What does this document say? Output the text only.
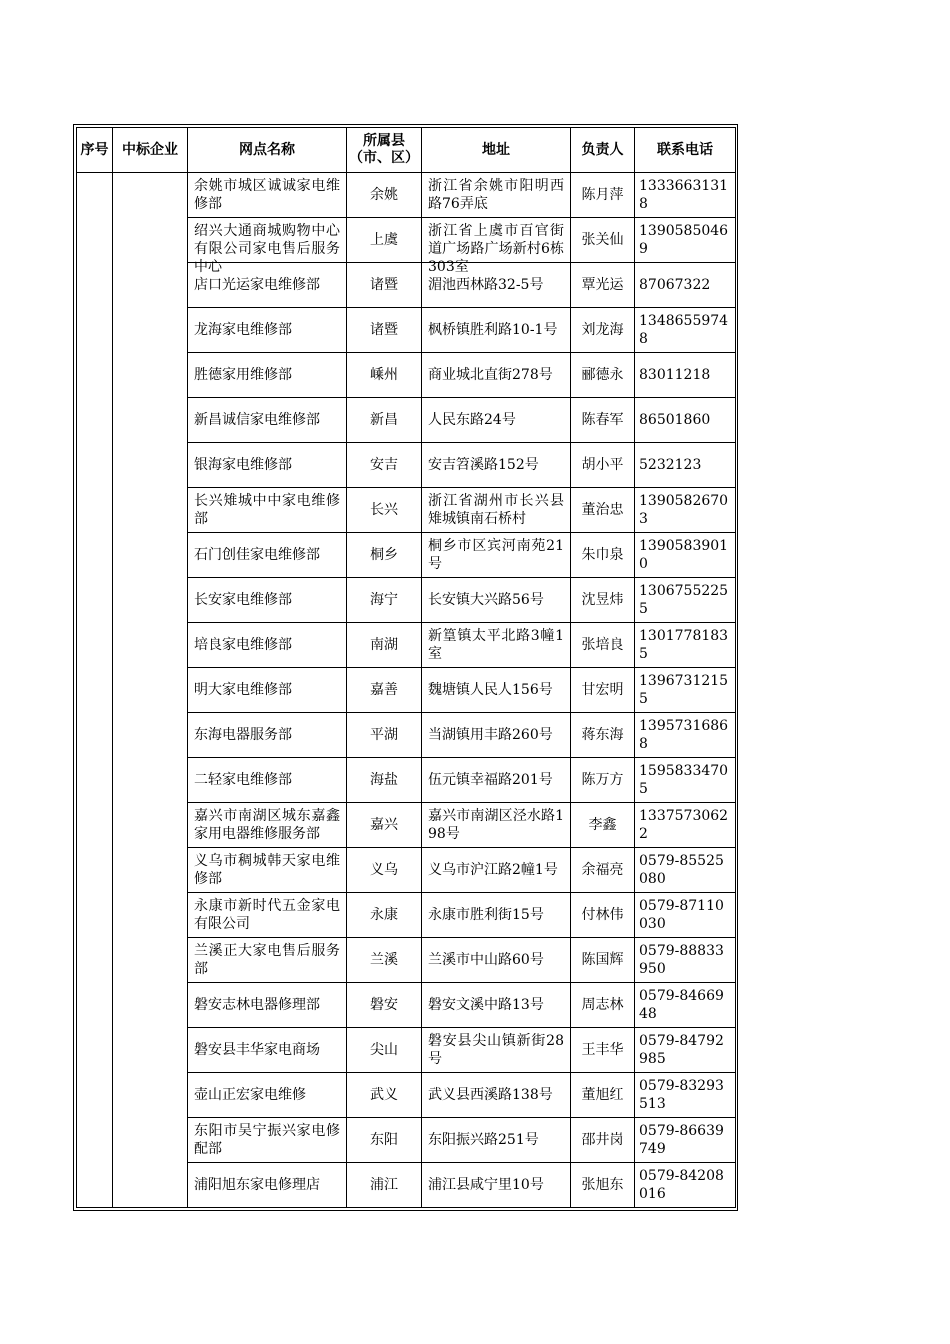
序号	中标企业	网点名称	所属县（市、区）	地址	负责人	联系电话

		余姚市城区诚诚家电维修部	余姚	浙江省余姚市阳明西路76弄底	陈月萍	13336631318

		绍兴大通商城购物中心有限公司家电售后服务中心	上虞	浙江省上虞市百官街道广场路广场新村6栋303室	张关仙	13905850469

		店口光运家电维修部	诸暨	湄池西林路32-5号	覃光运	87067322

		龙海家电维修部	诸暨	枫桥镇胜利路10-1号	刘龙海	13486559748

		胜德家用维修部	嵊州	商业城北直街278号	郦德永	83011218

		新昌诚信家电维修部	新昌	人民东路24号	陈春军	86501860

		银海家电维修部	安吉	安吉笤溪路152号	胡小平	5232123

		长兴雉城中中家电维修部	长兴	浙江省湖州市长兴县雉城镇南石桥村	董治忠	13905826703

		石门创佳家电维修部	桐乡	桐乡市区宾河南苑21号	朱巾泉	13905839010

		长安家电维修部	海宁	长安镇大兴路56号	沈昱炜	13067552255

		培良家电维修部	南湖	新篁镇太平北路3幢1室	张培良	13017781835

		明大家电维修部	嘉善	魏塘镇人民人156号	甘宏明	13967312155

		东海电器服务部	平湖	当湖镇用丰路260号	蒋东海	13957316868

		二轻家电维修部	海盐	伍元镇幸福路201号	陈万方	15958334705

		嘉兴市南湖区城东嘉鑫家用电器维修服务部	嘉兴	嘉兴市南湖区泾水路198号	李鑫	13375730622

		义乌市稠城韩天家电维修部	义乌	义乌市沪江路2幢1号	余福亮	0579-85525080

		永康市新时代五金家电有限公司	永康	永康市胜利街15号	付林伟	0579-87110030

		兰溪正大家电售后服务部	兰溪	兰溪市中山路60号	陈国辉	0579-88833950

		磐安志林电器修理部	磐安	磐安文溪中路13号	周志林	0579-8466948

		磐安县丰华家电商场	尖山	磐安县尖山镇新街28号	王丰华	0579-84792985

		壶山正宏家电维修	武义	武义县西溪路138号	董旭红	0579-83293513

		东阳市吴宁振兴家电修配部	东阳	东阳振兴路251号	邵井岗	0579-86639749

		浦阳旭东家电修理店	浦江	浦江县咸宁里10号	张旭东	0579-84208016
